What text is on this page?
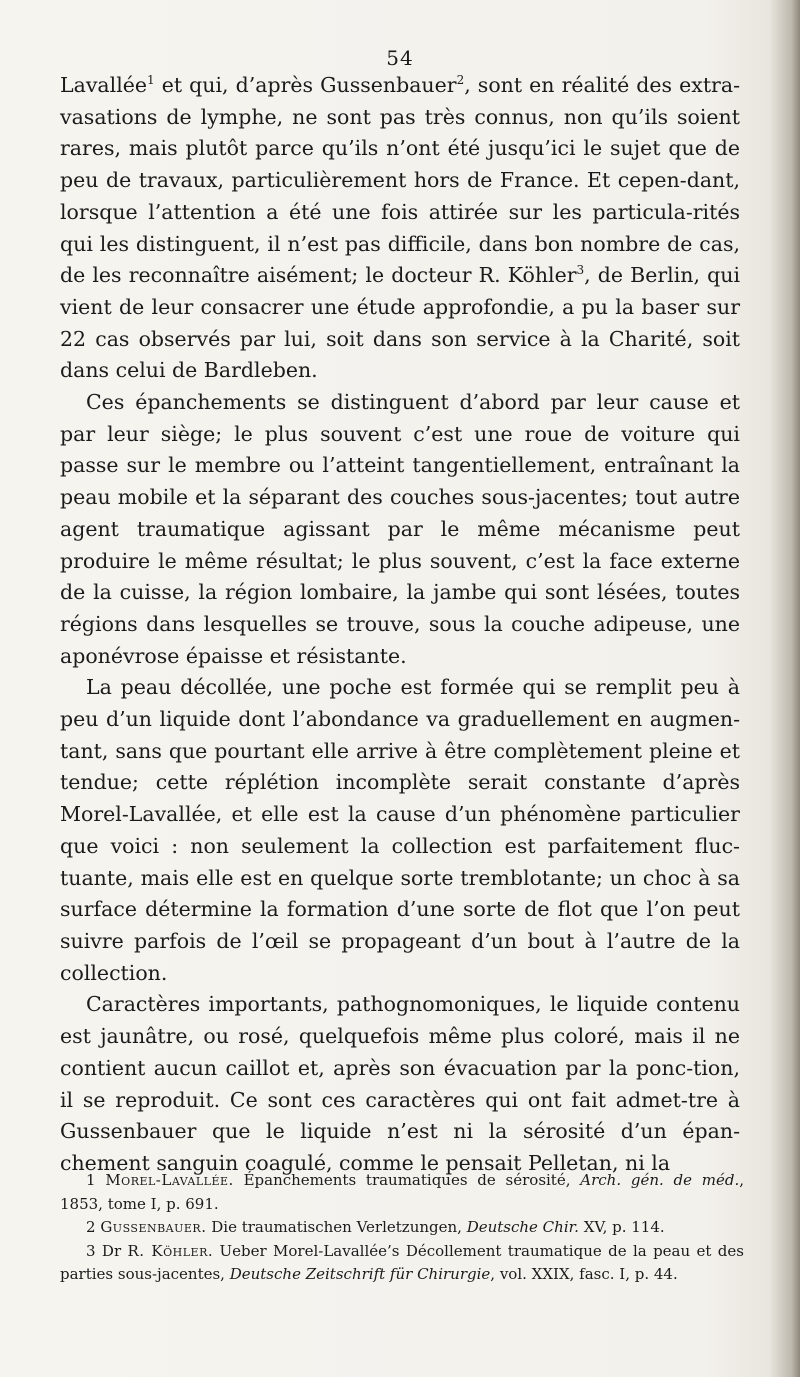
54

Lavallée$^1$ et qui, d’après Gussenbauer$^2$, sont en réalité des extra-vasations de lymphe, ne sont pas très connus, non qu’ils soient rares, mais plutôt parce qu’ils n’ont été jusqu’ici le sujet que de peu de travaux, particulièrement hors de France. Et cepen-dant, lorsque l’attention a été une fois attirée sur les particula-rités qui les distinguent, il n’est pas difficile, dans bon nombre de cas, de les reconnaître aisément; le docteur R. Köhler$^3$, de Berlin, qui vient de leur consacrer une étude approfondie, a pu la baser sur 22 cas observés par lui, soit dans son service à la Charité, soit dans celui de Bardleben.

Ces épanchements se distinguent d’abord par leur cause et par leur siège; le plus souvent c’est une roue de voiture qui passe sur le membre ou l’atteint tangentiellement, entraînant la peau mobile et la séparant des couches sous-jacentes; tout autre agent traumatique agissant par le même mécanisme peut produire le même résultat; le plus souvent, c’est la face externe de la cuisse, la région lombaire, la jambe qui sont lésées, toutes régions dans lesquelles se trouve, sous la couche adipeuse, une aponévrose épaisse et résistante.

La peau décollée, une poche est formée qui se remplit peu à peu d’un liquide dont l’abondance va graduellement en augmen-tant, sans que pourtant elle arrive à être complètement pleine et tendue; cette réplétion incomplète serait constante d’après Morel-Lavallée, et elle est la cause d’un phénomène particulier que voici : non seulement la collection est parfaitement fluc-tuante, mais elle est en quelque sorte tremblotante; un choc à sa surface détermine la formation d’une sorte de flot que l’on peut suivre parfois de l’œil se propageant d’un bout à l’autre de la collection.

Caractères importants, pathognomoniques, le liquide contenu est jaunâtre, ou rosé, quelquefois même plus coloré, mais il ne contient aucun caillot et, après son évacuation par la ponc-tion, il se reproduit. Ce sont ces caractères qui ont fait admet-tre à Gussenbauer que le liquide n’est ni la sérosité d’un épan-chement sanguin coagulé, comme le pensait Pelletan, ni la

1 Morel-Lavallée. Épanchements traumatiques de sérosité, Arch. gén. de méd., 1853, tome I, p. 691.

2 Gussenbauer. Die traumatischen Verletzungen, Deutsche Chir. XV, p. 114.

3 Dr R. Köhler. Ueber Morel-Lavallée’s Décollement traumatique de la peau et des parties sous-jacentes, Deutsche Zeitschrift für Chirurgie, vol. XXIX, fasc. I, p. 44.
